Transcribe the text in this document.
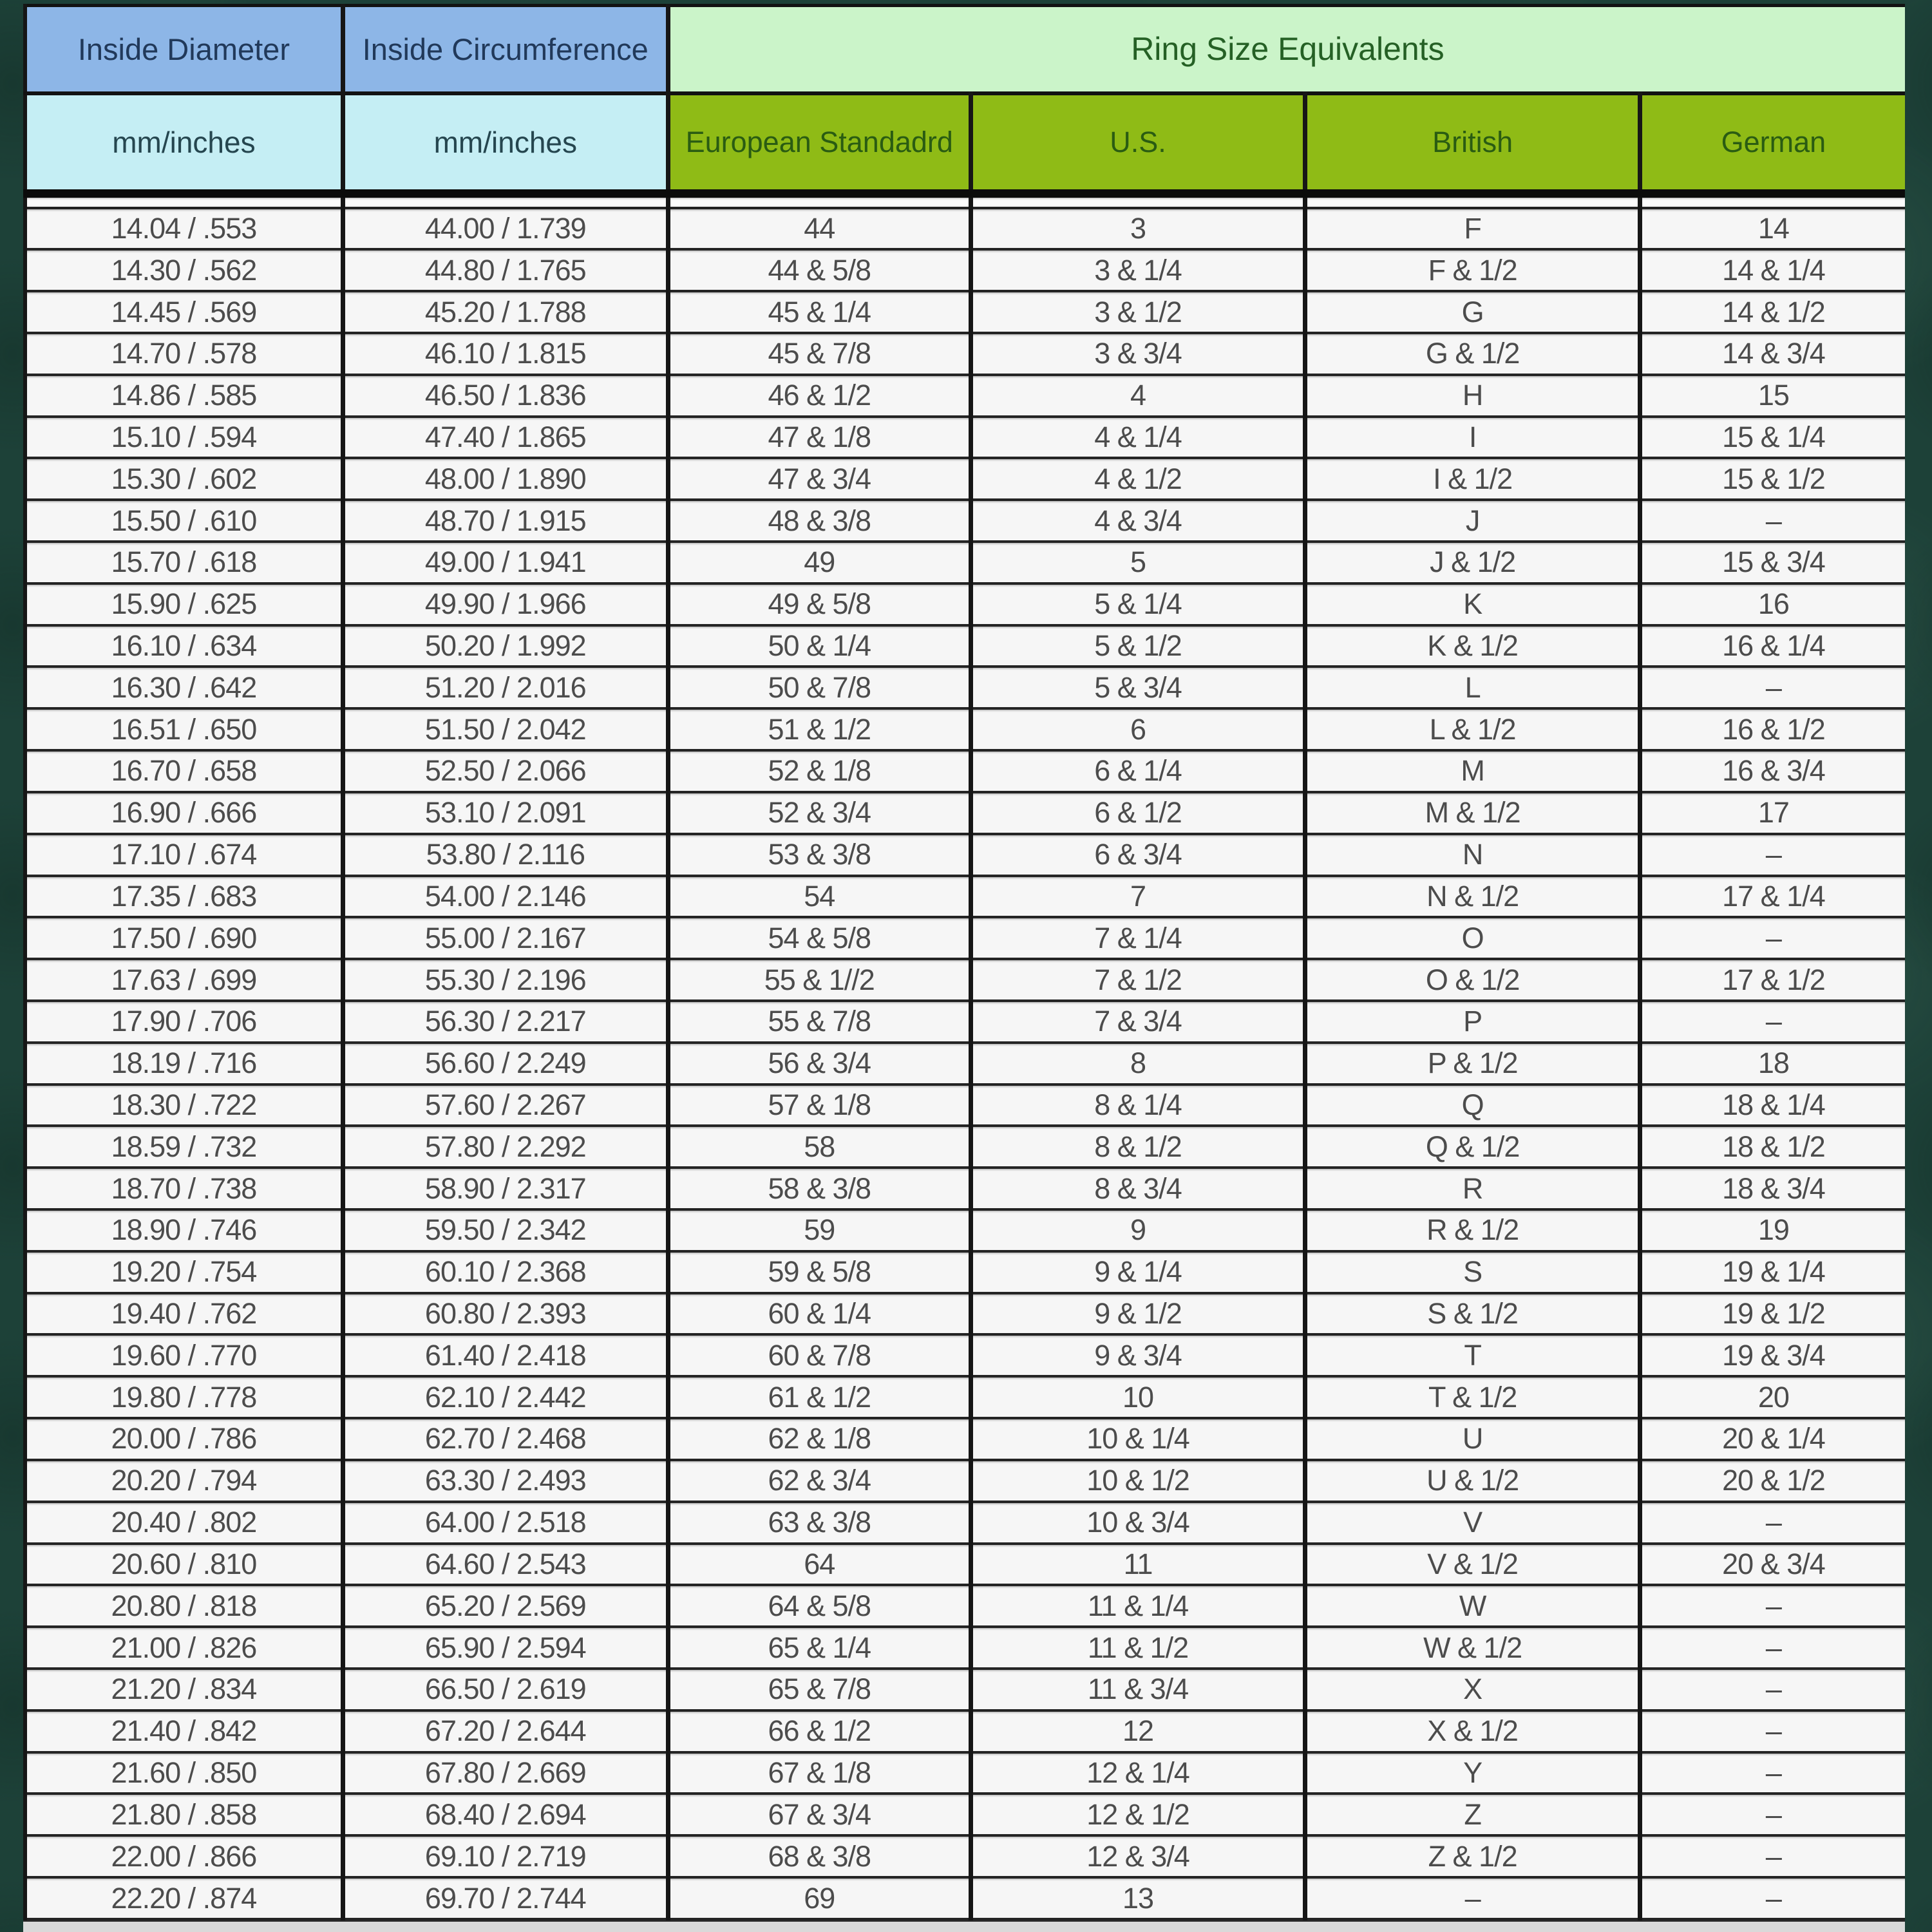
Inside Diameter	Inside Circumference	Ring Size Equivalents			
mm/inches	mm/inches	European Standadrd	U.S.	British	German

14.04 / .553	44.00 / 1.739	44	3	F	14
14.30 / .562	44.80 / 1.765	44 & 5/8	3 & 1/4	F & 1/2	14 & 1/4
14.45 / .569	45.20 / 1.788	45 & 1/4	3 & 1/2	G	14 & 1/2
14.70 / .578	46.10 / 1.815	45 & 7/8	3 & 3/4	G & 1/2	14 & 3/4
14.86 / .585	46.50 / 1.836	46 & 1/2	4	H	15
15.10 / .594	47.40 / 1.865	47 & 1/8	4 & 1/4	I	15 & 1/4
15.30 / .602	48.00 / 1.890	47 & 3/4	4 & 1/2	I & 1/2	15 & 1/2
15.50 / .610	48.70 / 1.915	48 & 3/8	4 & 3/4	J	–
15.70 / .618	49.00 / 1.941	49	5	J & 1/2	15 & 3/4
15.90 / .625	49.90 / 1.966	49 & 5/8	5 & 1/4	K	16
16.10 / .634	50.20 / 1.992	50 & 1/4	5 & 1/2	K & 1/2	16 & 1/4
16.30 / .642	51.20 / 2.016	50 & 7/8	5 & 3/4	L	–
16.51 / .650	51.50 / 2.042	51 & 1/2	6	L & 1/2	16 & 1/2
16.70 / .658	52.50 / 2.066	52 & 1/8	6 & 1/4	M	16 & 3/4
16.90 / .666	53.10 / 2.091	52 & 3/4	6 & 1/2	M & 1/2	17
17.10 / .674	53.80 / 2.116	53 & 3/8	6 & 3/4	N	–
17.35 / .683	54.00 / 2.146	54	7	N & 1/2	17 & 1/4
17.50 / .690	55.00 / 2.167	54 & 5/8	7 & 1/4	O	–
17.63 / .699	55.30 / 2.196	55 & 1//2	7 & 1/2	O & 1/2	17 & 1/2
17.90 / .706	56.30 / 2.217	55 & 7/8	7 & 3/4	P	–
18.19 / .716	56.60 / 2.249	56 & 3/4	8	P & 1/2	18
18.30 / .722	57.60 / 2.267	57 & 1/8	8 & 1/4	Q	18 & 1/4
18.59 / .732	57.80 / 2.292	58	8 & 1/2	Q & 1/2	18 & 1/2
18.70 / .738	58.90 / 2.317	58 & 3/8	8 & 3/4	R	18 & 3/4
18.90 / .746	59.50 / 2.342	59	9	R & 1/2	19
19.20 / .754	60.10 / 2.368	59 & 5/8	9 & 1/4	S	19 & 1/4
19.40 / .762	60.80 / 2.393	60 & 1/4	9 & 1/2	S & 1/2	19 & 1/2
19.60 / .770	61.40 / 2.418	60 & 7/8	9 & 3/4	T	19 & 3/4
19.80 / .778	62.10 / 2.442	61 & 1/2	10	T & 1/2	20
20.00 / .786	62.70 / 2.468	62 & 1/8	10 & 1/4	U	20 & 1/4
20.20 / .794	63.30 / 2.493	62 & 3/4	10 & 1/2	U & 1/2	20 & 1/2
20.40 / .802	64.00 / 2.518	63 & 3/8	10 & 3/4	V	–
20.60 / .810	64.60 / 2.543	64	11	V & 1/2	20 & 3/4
20.80 / .818	65.20 / 2.569	64 & 5/8	11 & 1/4	W	–
21.00 / .826	65.90 / 2.594	65 & 1/4	11 & 1/2	W & 1/2	–
21.20 / .834	66.50 / 2.619	65 & 7/8	11 & 3/4	X	–
21.40 / .842	67.20 / 2.644	66 & 1/2	12	X & 1/2	–
21.60 / .850	67.80 / 2.669	67 & 1/8	12 & 1/4	Y	–
21.80 / .858	68.40 / 2.694	67 & 3/4	12 & 1/2	Z	–
22.00 / .866	69.10 / 2.719	68 & 3/8	12 & 3/4	Z & 1/2	–
22.20 / .874	69.70 / 2.744	69	13	–	–
